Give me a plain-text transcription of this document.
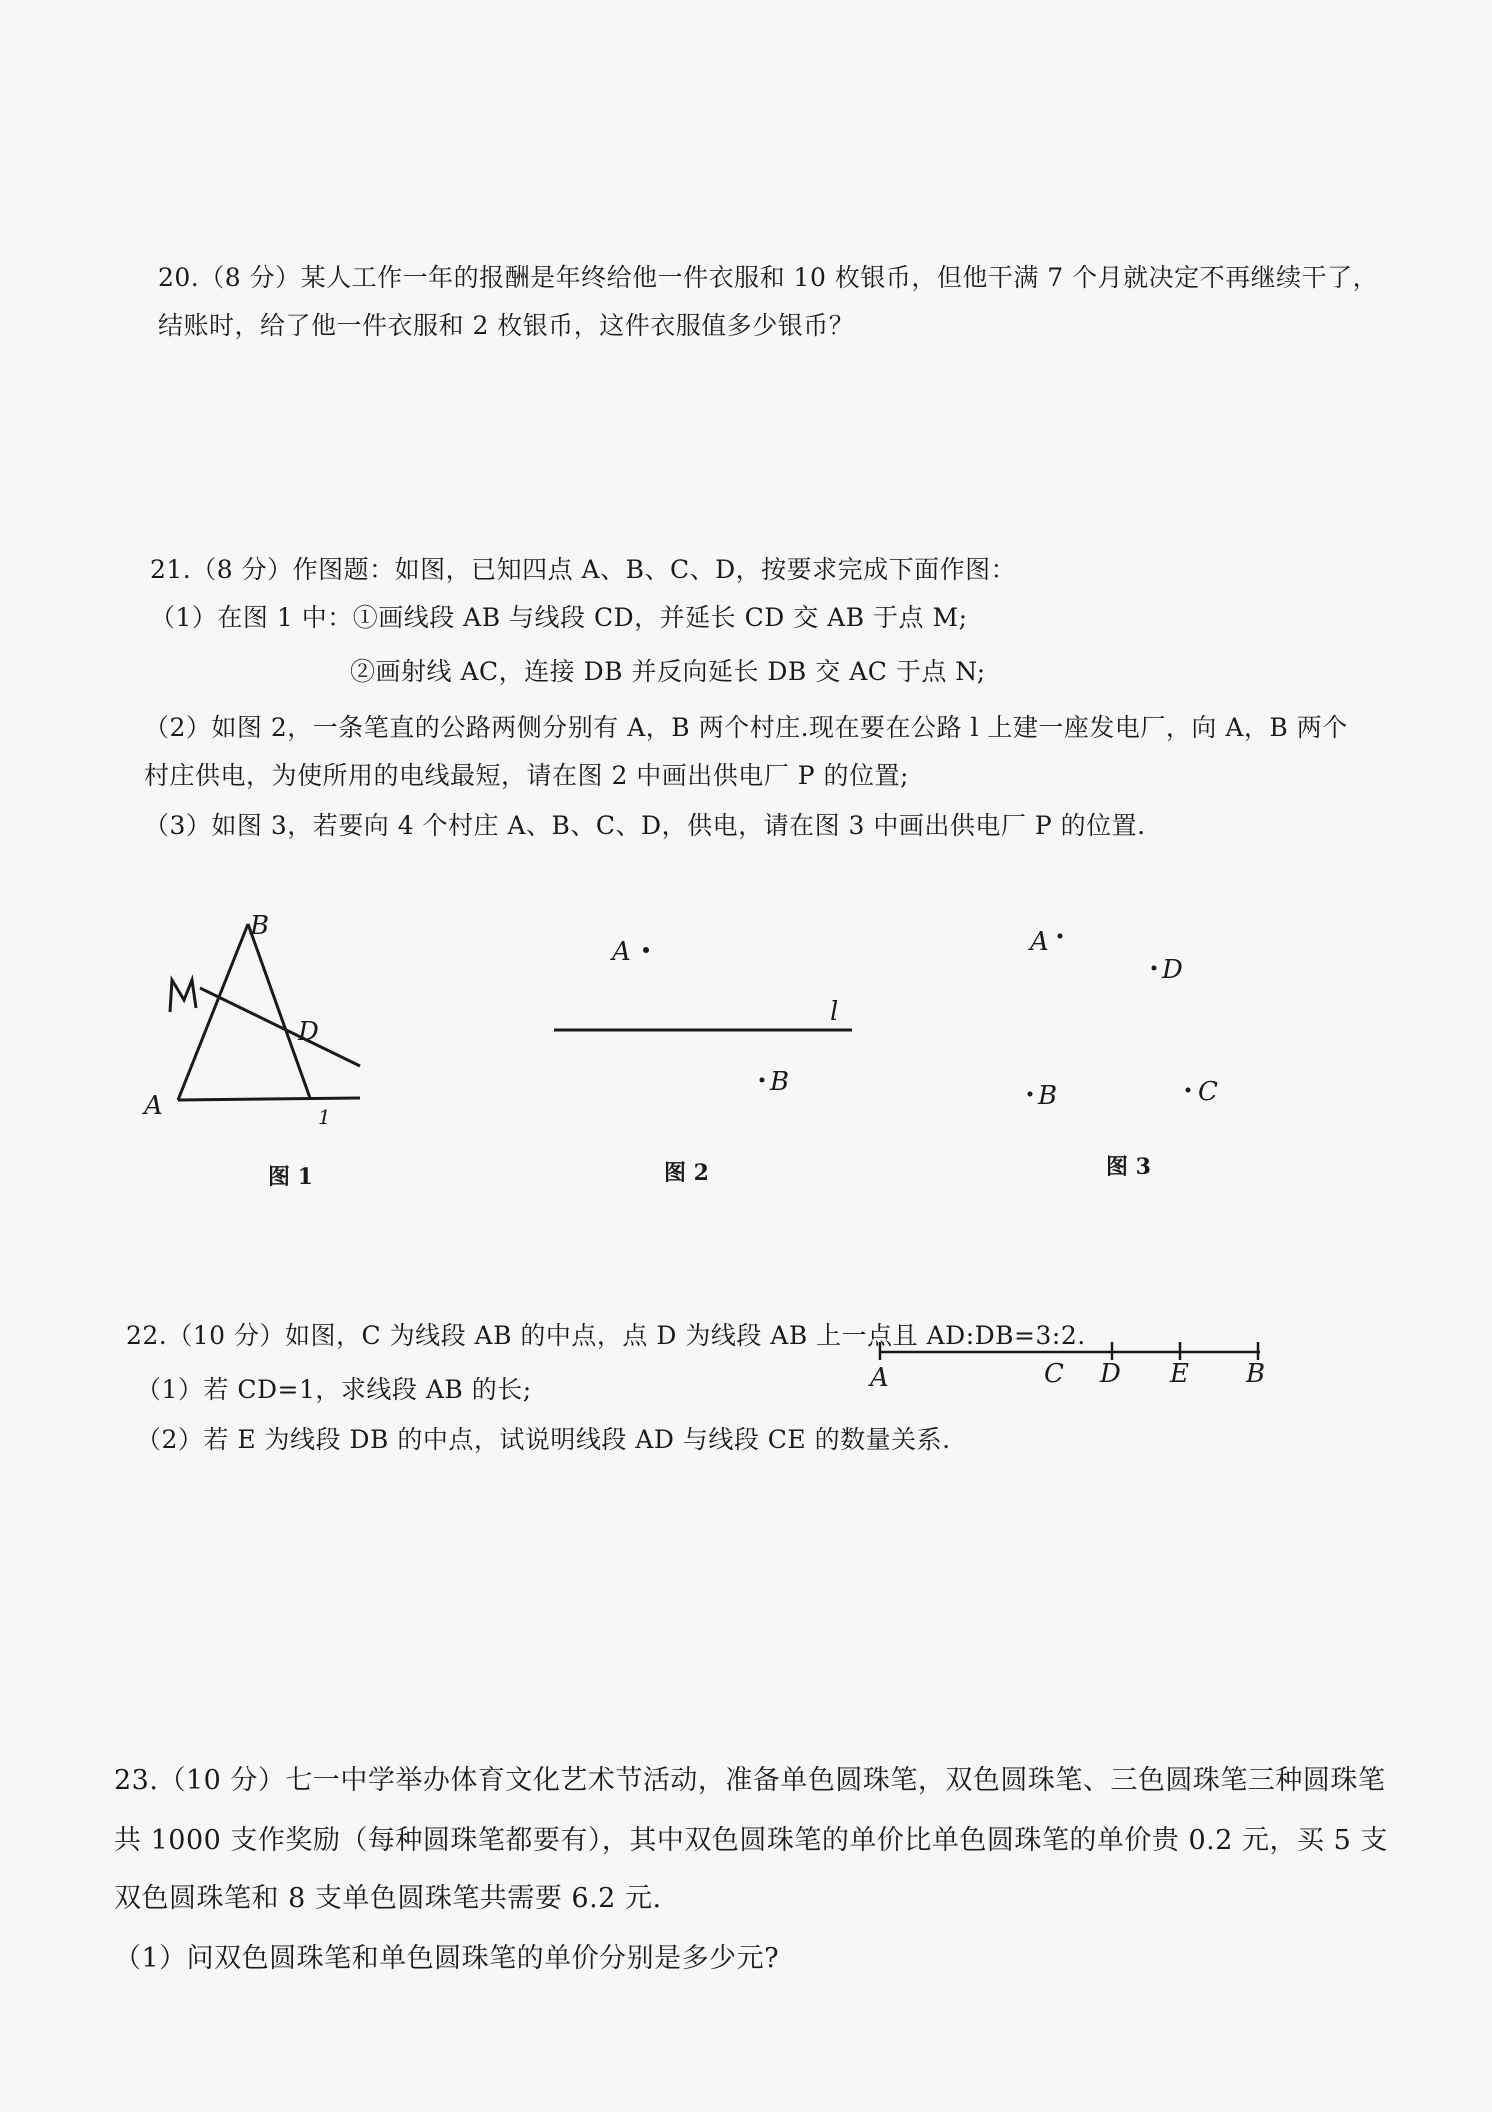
20.（8 分）某人工作一年的报酬是年终给他一件衣服和 10 枚银币，但他干满 7 个月就决定不再继续干了，
结账时，给了他一件衣服和 2 枚银币，这件衣服值多少银币？
21.（8 分）作图题：如图，已知四点 A、B、C、D，按要求完成下面作图：
（1）在图 1 中：①画线段 AB 与线段 CD，并延长 CD 交 AB 于点 M;
②画射线 AC，连接 DB 并反向延长 DB 交 AC 于点 N;
（2）如图 2，一条笔直的公路两侧分别有 A，B 两个村庄.现在要在公路 l 上建一座发电厂，向 A，B 两个
村庄供电，为使所用的电线最短，请在图 2 中画出供电厂 P 的位置;
（3）如图 3，若要向 4 个村庄 A、B、C、D，供电，请在图 3 中画出供电厂 P 的位置.
B
D
A	1
图 1
A
l
B
图 2
A
D
B	C
图 3
22.（10 分）如图，C 为线段 AB 的中点，点 D 为线段 AB 上一点且 AD:DB=3:2.
（1）若 CD=1，求线段 AB 的长;
（2）若 E 为线段 DB 的中点，试说明线段 AD 与线段 CE 的数量关系.
A	C D E B
23.（10 分）七一中学举办体育文化艺术节活动，准备单色圆珠笔，双色圆珠笔、三色圆珠笔三种圆珠笔
共 1000 支作奖励（每种圆珠笔都要有），其中双色圆珠笔的单价比单色圆珠笔的单价贵 0.2 元，买 5 支
双色圆珠笔和 8 支单色圆珠笔共需要 6.2 元.
（1）问双色圆珠笔和单色圆珠笔的单价分别是多少元?
